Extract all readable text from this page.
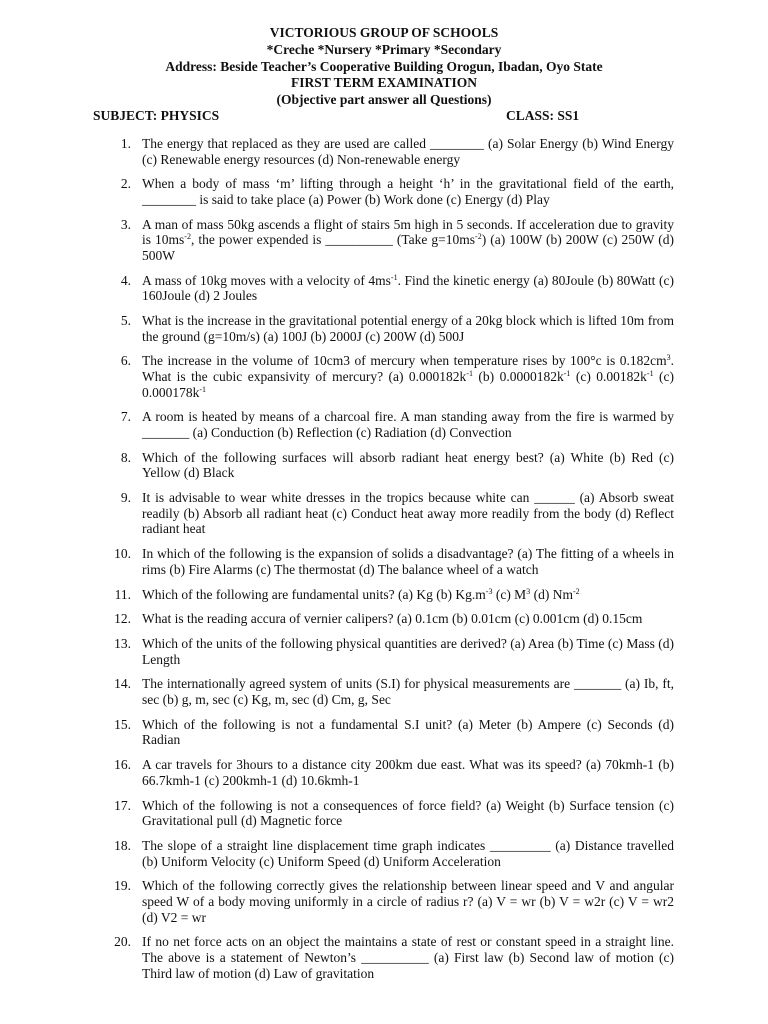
VICTORIOUS GROUP OF SCHOOLS
*Creche *Nursery *Primary *Secondary
Address: Beside Teacher’s Cooperative Building Orogun, Ibadan, Oyo State
FIRST TERM EXAMINATION
(Objective part answer all Questions)
SUBJECT: PHYSICS	CLASS: SS1
1. The energy that replaced as they are used are called ________ (a) Solar Energy (b) Wind Energy (c) Renewable energy resources (d) Non-renewable energy
2. When a body of mass ‘m’ lifting through a height ‘h’ in the gravitational field of the earth, ________ is said to take place (a) Power (b) Work done (c) Energy (d) Play
3. A man of mass 50kg ascends a flight of stairs 5m high in 5 seconds. If acceleration due to gravity is $10ms^{-2}$, the power expended is __________ (Take $g=10ms^{-2}$) (a) 100W (b) 200W (c) 250W (d) 500W
4. A mass of 10kg moves with a velocity of $4ms^{-1}$. Find the kinetic energy (a) 80Joule (b) 80Watt (c) 160Joule (d) 2 Joules
5. What is the increase in the gravitational potential energy of a 20kg block which is lifted 10m from the ground (g=10m/s) (a) 100J (b) 2000J (c) 200W (d) 500J
6. The increase in the volume of 10cm3 of mercury when temperature rises by 100°c is $0.182cm^3$. What is the cubic expansivity of mercury? (a) $0.000182k^{-1}$ (b) $0.0000182k^{-1}$ (c) $0.00182k^{-1}$ (c) $0.000178k^{-1}$
7. A room is heated by means of a charcoal fire. A man standing away from the fire is warmed by _______ (a) Conduction (b) Reflection (c) Radiation (d) Convection
8. Which of the following surfaces will absorb radiant heat energy best? (a) White (b) Red (c) Yellow (d) Black
9. It is advisable to wear white dresses in the tropics because white can ______ (a) Absorb sweat readily (b) Absorb all radiant heat (c) Conduct heat away more readily from the body (d) Reflect radiant heat
10. In which of the following is the expansion of solids a disadvantage? (a) The fitting of a wheels in rims (b) Fire Alarms (c) The thermostat (d) The balance wheel of a watch
11. Which of the following are fundamental units? (a) Kg (b) $Kg.m^{-3}$ (c) $M^3$ (d) $Nm^{-2}$
12. What is the reading accura of vernier calipers? (a) 0.1cm (b) 0.01cm (c) 0.001cm (d) 0.15cm
13. Which of the units of the following physical quantities are derived? (a) Area (b) Time (c) Mass (d) Length
14. The internationally agreed system of units (S.I) for physical measurements are _______ (a) Ib, ft, sec (b) g, m, sec (c) Kg, m, sec (d) Cm, g, Sec
15. Which of the following is not a fundamental S.I unit? (a) Meter (b) Ampere (c) Seconds (d) Radian
16. A car travels for 3hours to a distance city 200km due east. What was its speed? (a) 70kmh-1 (b) 66.7kmh-1 (c) 200kmh-1 (d) 10.6kmh-1
17. Which of the following is not a consequences of force field? (a) Weight (b) Surface tension (c) Gravitational pull (d) Magnetic force
18. The slope of a straight line displacement time graph indicates _________ (a) Distance travelled (b) Uniform Velocity (c) Uniform Speed (d) Uniform Acceleration
19. Which of the following correctly gives the relationship between linear speed and V and angular speed W of a body moving uniformly in a circle of radius r? (a) V = wr (b) V = w2r (c) V = wr2 (d) V2 = wr
20. If no net force acts on an object the maintains a state of rest or constant speed in a straight line. The above is a statement of Newton’s __________ (a) First law (b) Second law of motion (c) Third law of motion (d) Law of gravitation
